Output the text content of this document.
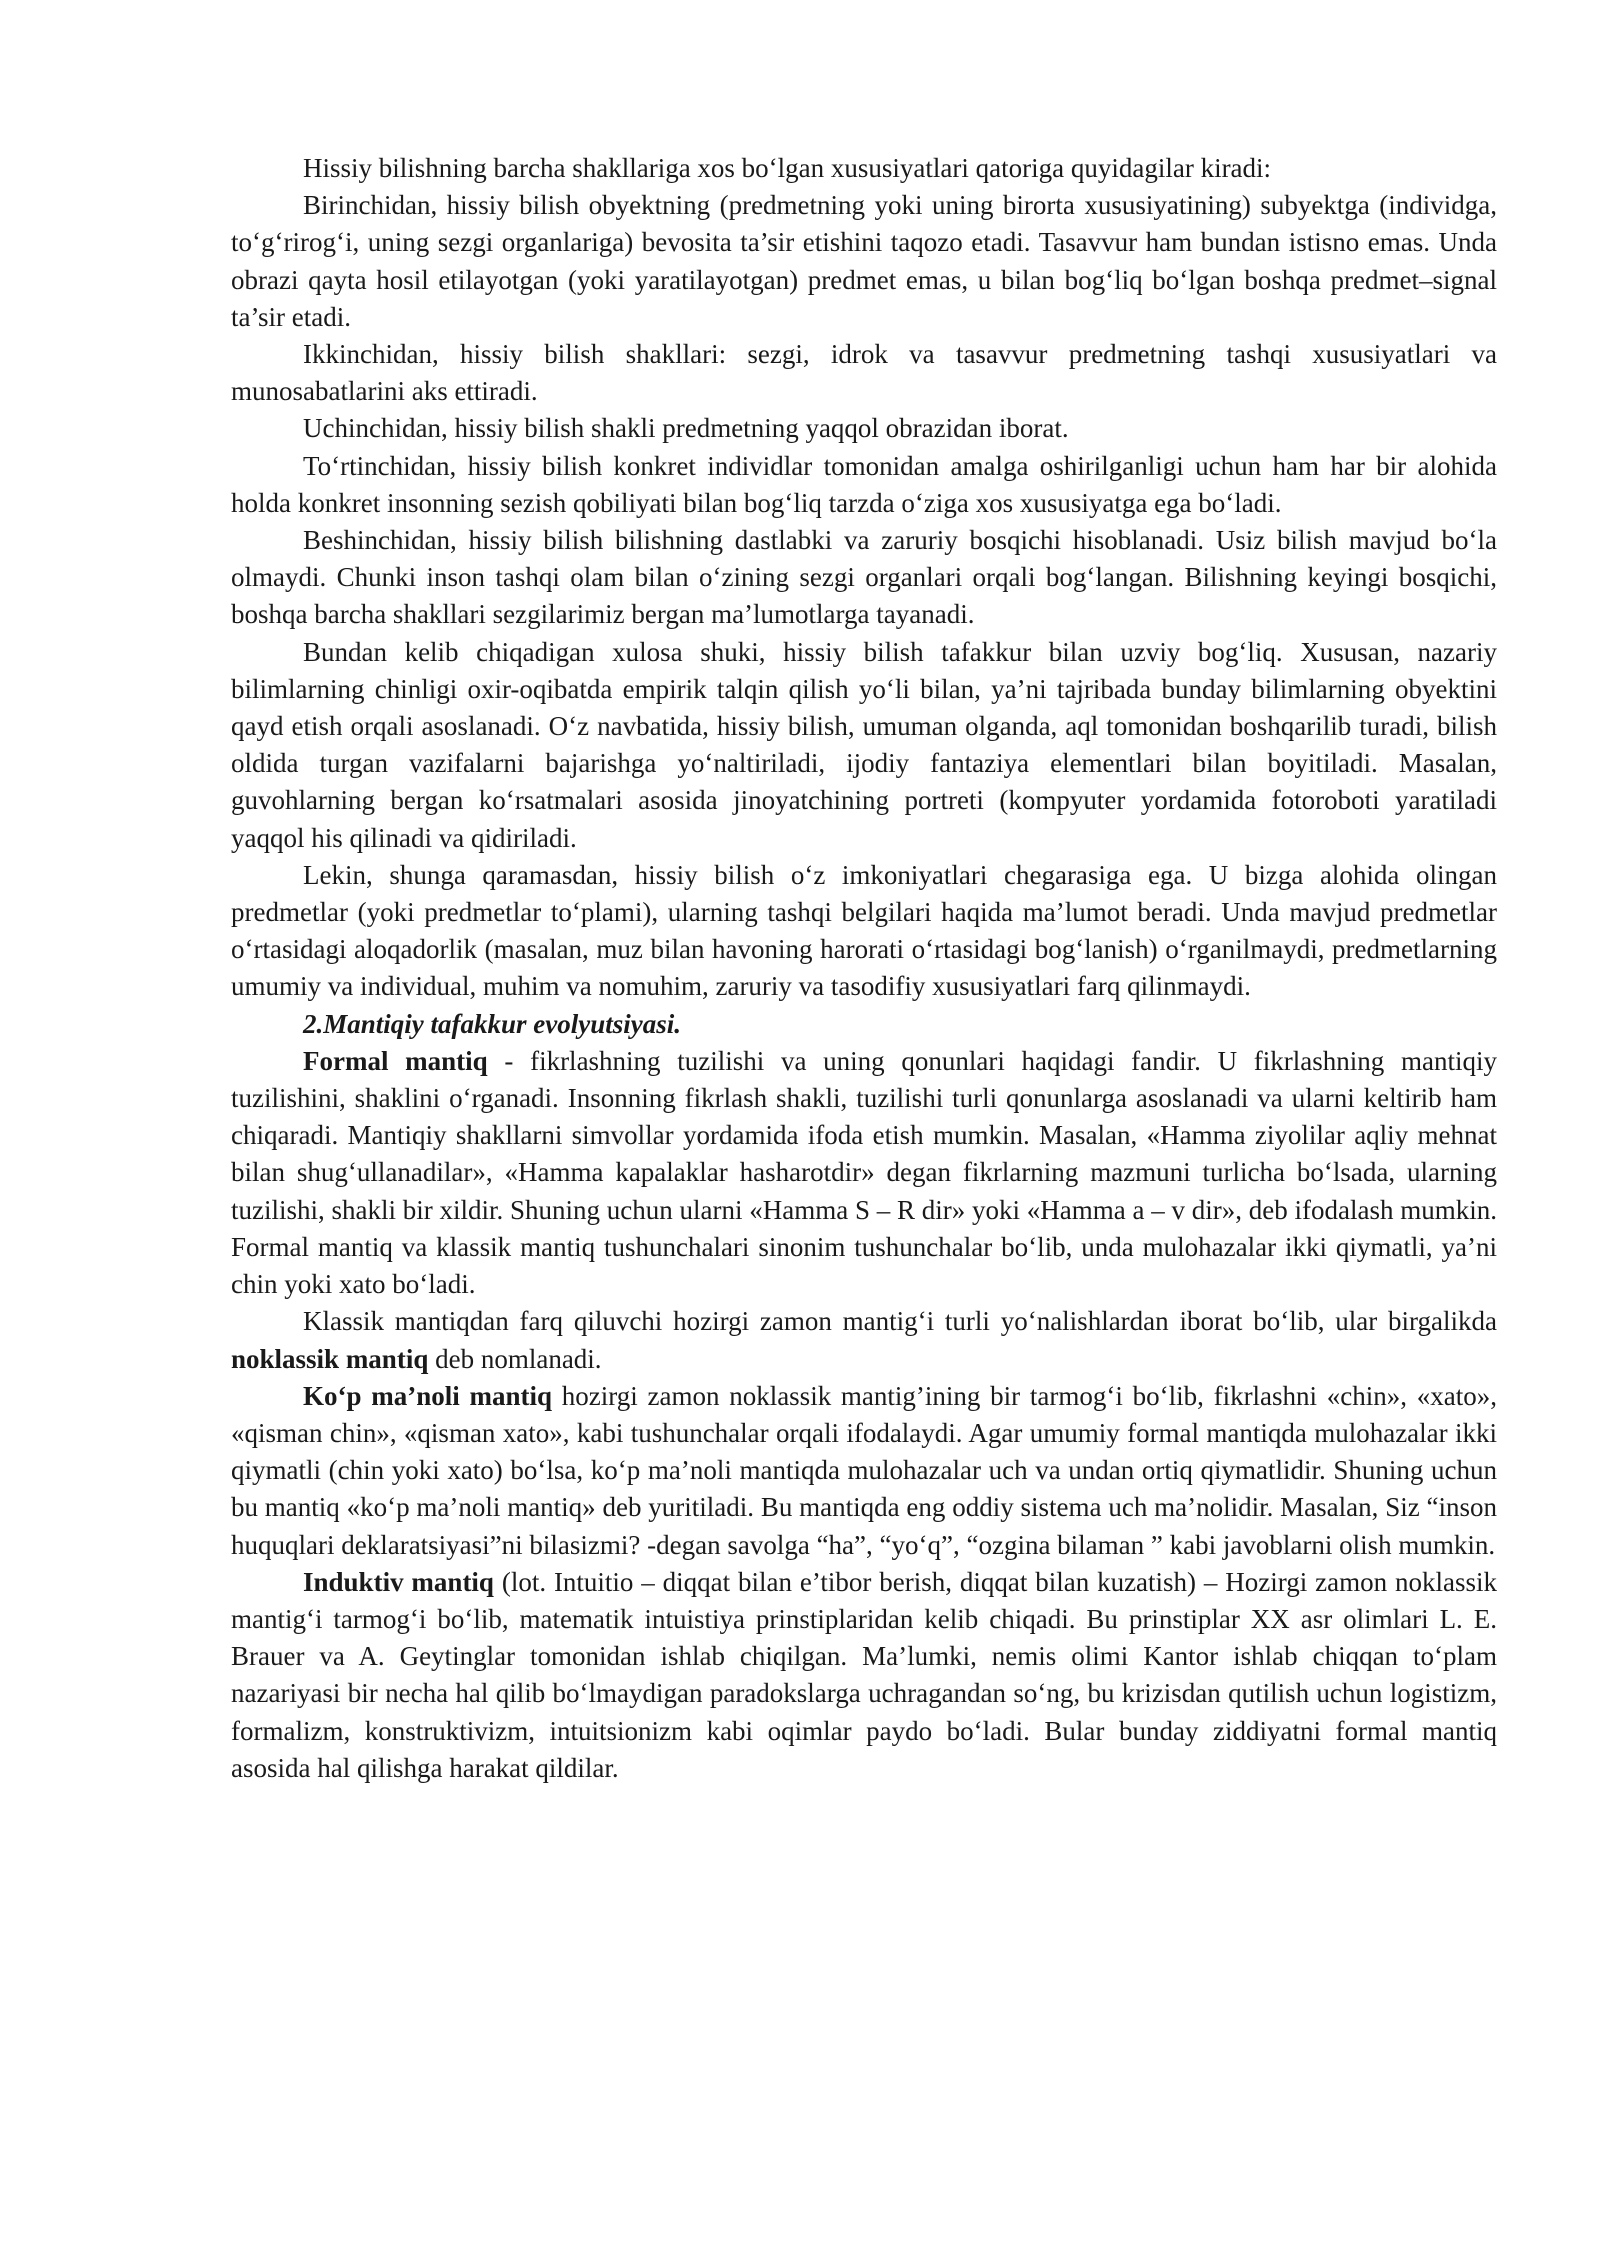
Hissiy bilishning barcha shakllariga xos bo‘lgan xususiyatlari qatoriga quyidagilar kiradi:

Birinchidan, hissiy bilish obyektning (predmetning yoki uning birorta xususiyatining) subyektga (individga, to‘g‘rirog‘i, uning sezgi organlariga) bevosita ta’sir etishini taqozo etadi. Tasavvur ham bundan istisno emas. Unda obrazi qayta hosil etilayotgan (yoki yaratilayotgan) predmet emas, u bilan bog‘liq bo‘lgan boshqa predmet–signal ta’sir etadi.

Ikkinchidan, hissiy bilish shakllari: sezgi, idrok va tasavvur predmetning tashqi xususiyatlari va munosabatlarini aks ettiradi.

Uchinchidan, hissiy bilish shakli predmetning yaqqol obrazidan iborat.

To‘rtinchidan, hissiy bilish konkret individlar tomonidan amalga oshirilganligi uchun ham har bir alohida holda konkret insonning sezish qobiliyati bilan bog‘liq tarzda o‘ziga xos xususiyatga ega bo‘ladi.

Beshinchidan, hissiy bilish bilishning dastlabki va zaruriy bosqichi hisoblanadi. Usiz bilish mavjud bo‘la olmaydi. Chunki inson tashqi olam bilan o‘zining sezgi organlari orqali bog‘langan. Bilishning keyingi bosqichi, boshqa barcha shakllari sezgilarimiz bergan ma’lumotlarga tayanadi.

Bundan kelib chiqadigan xulosa shuki, hissiy bilish tafakkur bilan uzviy bog‘liq. Xususan, nazariy bilimlarning chinligi oxir-oqibatda empirik talqin qilish yo‘li bilan, ya’ni tajribada bunday bilimlarning obyektini qayd etish orqali asoslanadi. O‘z navbatida, hissiy bilish, umuman olganda, aql tomonidan boshqarilib turadi, bilish oldida turgan vazifalarni bajarishga yo‘naltiriladi, ijodiy fantaziya elementlari bilan boyitiladi. Masalan, guvohlarning bergan ko‘rsatmalari asosida jinoyatchining portreti (kompyuter yordamida fotoroboti yaratiladi yaqqol his qilinadi va qidiriladi.

Lekin, shunga qaramasdan, hissiy bilish o‘z imkoniyatlari chegarasiga ega. U bizga alohida olingan predmetlar (yoki predmetlar to‘plami), ularning tashqi belgilari haqida ma’lumot beradi. Unda mavjud predmetlar o‘rtasidagi aloqadorlik (masalan, muz bilan havoning harorati o‘rtasidagi bog‘lanish) o‘rganilmaydi, predmetlarning umumiy va individual, muhim va nomuhim, zaruriy va tasodifiy xususiyatlari farq qilinmaydi.

2.Mantiqiy tafakkur evolyutsiyasi.

Formal mantiq - fikrlashning tuzilishi va uning qonunlari haqidagi fandir. U fikrlashning mantiqiy tuzilishini, shaklini o‘rganadi. Insonning fikrlash shakli, tuzilishi turli qonunlarga asoslanadi va ularni keltirib ham chiqaradi. Mantiqiy shakllarni simvollar yordamida ifoda etish mumkin. Masalan, «Hamma ziyolilar aqliy mehnat bilan shug‘ullanadilar», «Hamma kapalaklar hasharotdir» degan fikrlarning mazmuni turlicha bo‘lsada, ularning tuzilishi, shakli bir xildir. Shuning uchun ularni «Hamma S – R dir» yoki «Hamma a – v dir», deb ifodalash mumkin. Formal mantiq va klassik mantiq tushunchalari sinonim tushunchalar bo‘lib, unda mulohazalar ikki qiymatli, ya’ni chin yoki xato bo‘ladi.

Klassik mantiqdan farq qiluvchi hozirgi zamon mantig‘i turli yo‘nalishlardan iborat bo‘lib, ular birgalikda noklassik mantiq deb nomlanadi.

Ko‘p ma’noli mantiq hozirgi zamon noklassik mantig’ining bir tarmog‘i bo‘lib, fikrlashni «chin», «xato», «qisman chin», «qisman xato», kabi tushunchalar orqali ifodalaydi. Agar umumiy formal mantiqda mulohazalar ikki qiymatli (chin yoki xato) bo‘lsa, ko‘p ma’noli mantiqda mulohazalar uch va undan ortiq qiymatlidir. Shuning uchun bu mantiq «ko‘p ma’noli mantiq» deb yuritiladi. Bu mantiqda eng oddiy sistema uch ma’nolidir. Masalan, Siz “inson huquqlari deklaratsiyasi”ni bilasizmi? -degan savolga “ha”, “yo‘q”, “ozgina bilaman ” kabi javoblarni olish mumkin.

Induktiv mantiq (lot. Intuitio – diqqat bilan e’tibor berish, diqqat bilan kuzatish) – Hozirgi zamon noklassik mantig‘i tarmog‘i bo‘lib, matematik intuistiya prinstiplaridan kelib chiqadi. Bu prinstiplar XX asr olimlari L. E. Brauer va A. Geytinglar tomonidan ishlab chiqilgan. Ma’lumki, nemis olimi Kantor ishlab chiqqan to‘plam nazariyasi bir necha hal qilib bo‘lmaydigan paradokslarga uchragandan so‘ng, bu krizisdan qutilish uchun logistizm, formalizm, konstruktivizm, intuitsionizm kabi oqimlar paydo bo‘ladi. Bular bunday ziddiyatni formal mantiq asosida hal qilishga harakat qildilar.
